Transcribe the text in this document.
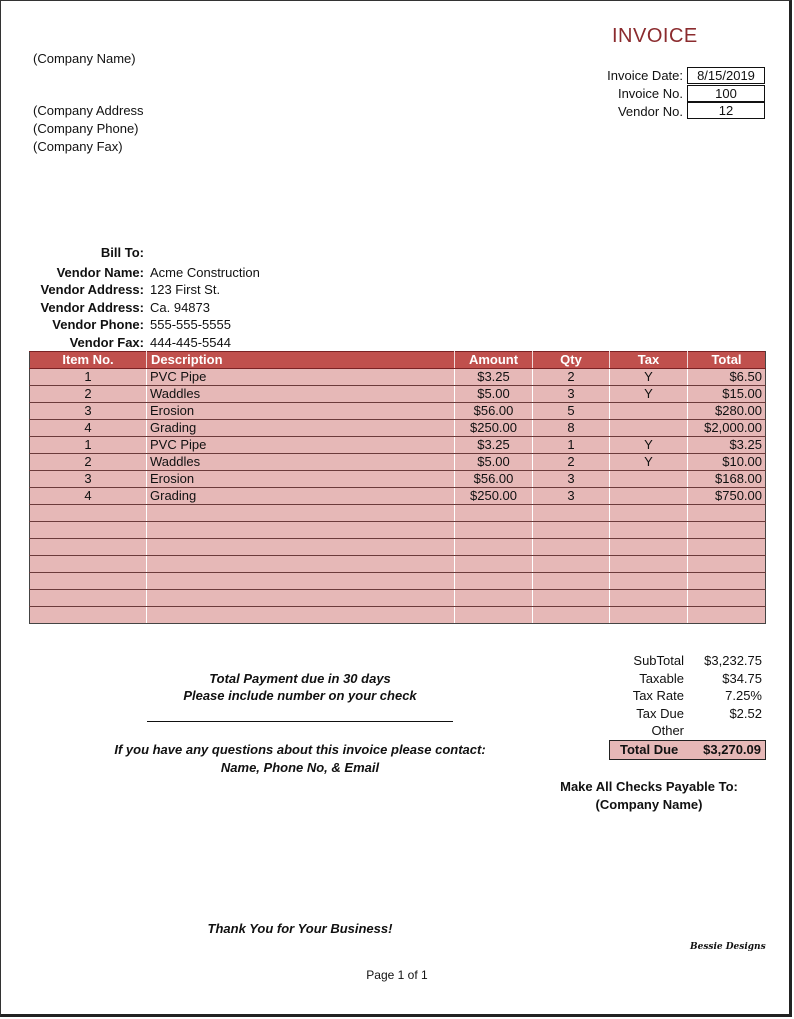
INVOICE
(Company Name)
(Company Address
(Company Phone)
(Company Fax)
Invoice Date:	8/15/2019
Invoice No.	100
Vendor No.	12
Bill To:
Vendor Name: Acme Construction
Vendor Address: 123 First St.
Vendor Address: Ca. 94873
Vendor Phone: 555-555-5555
Vendor Fax: 444-445-5544
Item No.	Description	Amount	Qty	Tax	Total
1	PVC Pipe	$3.25	2	Y	$6.50
2	Waddles	$5.00	3	Y	$15.00
3	Erosion	$56.00	5		$280.00
4	Grading	$250.00	8		$2,000.00
1	PVC Pipe	$3.25	1	Y	$3.25
2	Waddles	$5.00	2	Y	$10.00
3	Erosion	$56.00	3		$168.00
4	Grading	$250.00	3		$750.00

Total Payment due in 30 days
Please include number on your check
If you have any questions about this invoice please contact:
Name, Phone No, & Email
SubTotal	$3,232.75
Taxable	$34.75
Tax Rate	7.25%
Tax Due	$2.52
Other
Total Due $3,270.09
Make All Checks Payable To:
(Company Name)
Thank You for Your Business!
Bessie Designs
Page 1 of 1
